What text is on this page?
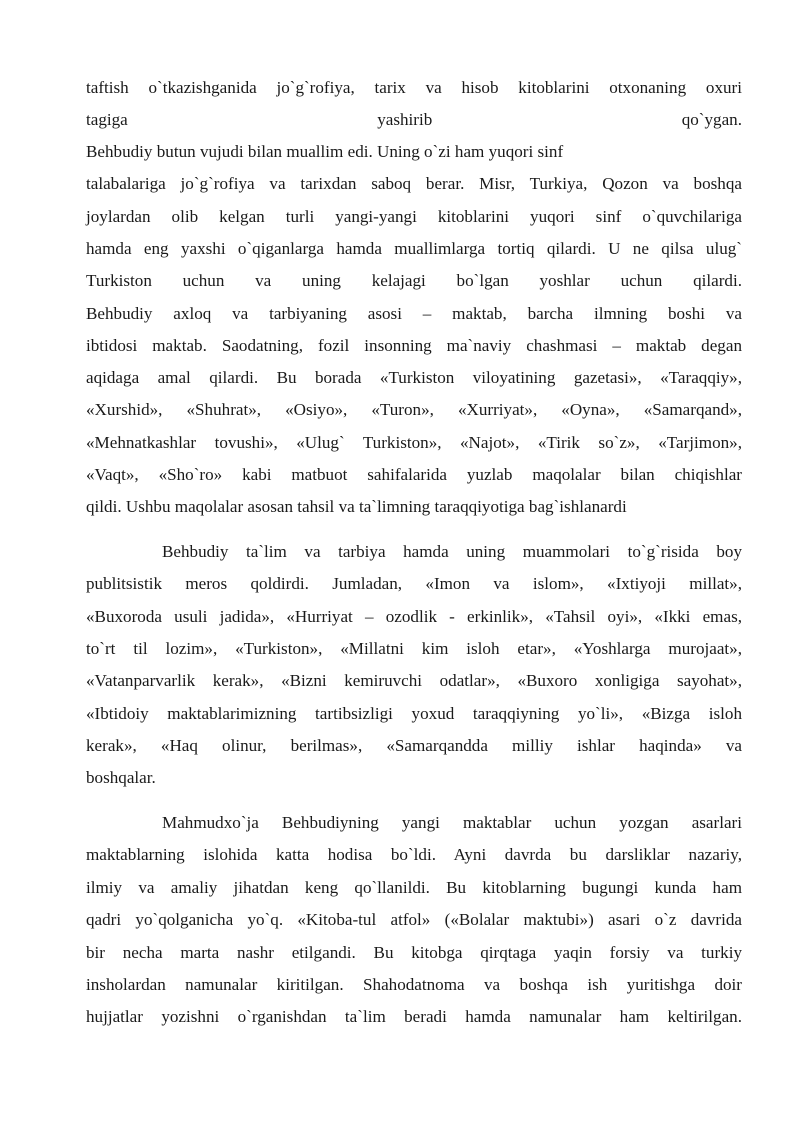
taftish o`tkazishganida jo`g`rofiya, tarix va hisob kitoblarini otxonaning oxuri
tagiga yashirib qo`ygan.
Behbudiy butun vujudi bilan muallim edi. Uning o`zi ham yuqori sinf
talabalariga jo`g`rofiya va tarixdan saboq berar. Misr, Turkiya, Qozon va boshqa
joylardan olib kelgan turli yangi-yangi kitoblarini yuqori sinf o`quvchilariga
hamda eng yaxshi o`qiganlarga hamda muallimlarga tortiq qilardi. U ne qilsa ulug`
Turkiston uchun va uning kelajagi bo`lgan yoshlar uchun qilardi.
Behbudiy axloq va tarbiyaning asosi – maktab, barcha ilmning boshi va
ibtidosi maktab. Saodatning, fozil insonning ma`naviy chashmasi – maktab degan
aqidaga amal qilardi. Bu borada «Turkiston viloyatining gazetasi», «Taraqqiy»,
«Xurshid», «Shuhrat», «Osiyo», «Turon», «Xurriyat», «Oyna», «Samarqand»,
«Mehnatkashlar tovushi», «Ulug` Turkiston», «Najot», «Tirik so`z», «Tarjimon»,
«Vaqt», «Sho`ro» kabi matbuot sahifalarida yuzlab maqolalar bilan chiqishlar
qildi. Ushbu maqolalar asosan tahsil va ta`limning taraqqiyotiga bag`ishlanardi
Behbudiy ta`lim va tarbiya hamda uning muammolari to`g`risida boy
publitsistik meros qoldirdi. Jumladan, «Imon va islom», «Ixtiyoji millat»,
«Buxoroda usuli jadida», «Hurriyat – ozodlik - erkinlik», «Tahsil oyi», «Ikki emas,
to`rt til lozim», «Turkiston», «Millatni kim isloh etar», «Yoshlarga murojaat»,
«Vatanparvarlik kerak», «Bizni kemiruvchi odatlar», «Buxoro xonligiga sayohat»,
«Ibtidoiy maktablarimizning tartibsizligi yoxud taraqqiyning yo`li», «Bizga isloh
kerak», «Haq olinur, berilmas», «Samarqandda milliy ishlar haqinda» va
boshqalar.
Mahmudxo`ja Behbudiyning yangi maktablar uchun yozgan asarlari
maktablarning islohida katta hodisa bo`ldi. Ayni davrda bu darsliklar nazariy,
ilmiy va amaliy jihatdan keng qo`llanildi. Bu kitoblarning bugungi kunda ham
qadri yo`qolganicha yo`q. «Kitoba-tul atfol» («Bolalar maktubi») asari o`z davrida
bir necha marta nashr etilgandi. Bu kitobga qirqtaga yaqin forsiy va turkiy
insholardan namunalar kiritilgan. Shahodatnoma va boshqa ish yuritishga doir
hujjatlar yozishni o`rganishdan ta`lim beradi hamda namunalar ham keltirilgan.
